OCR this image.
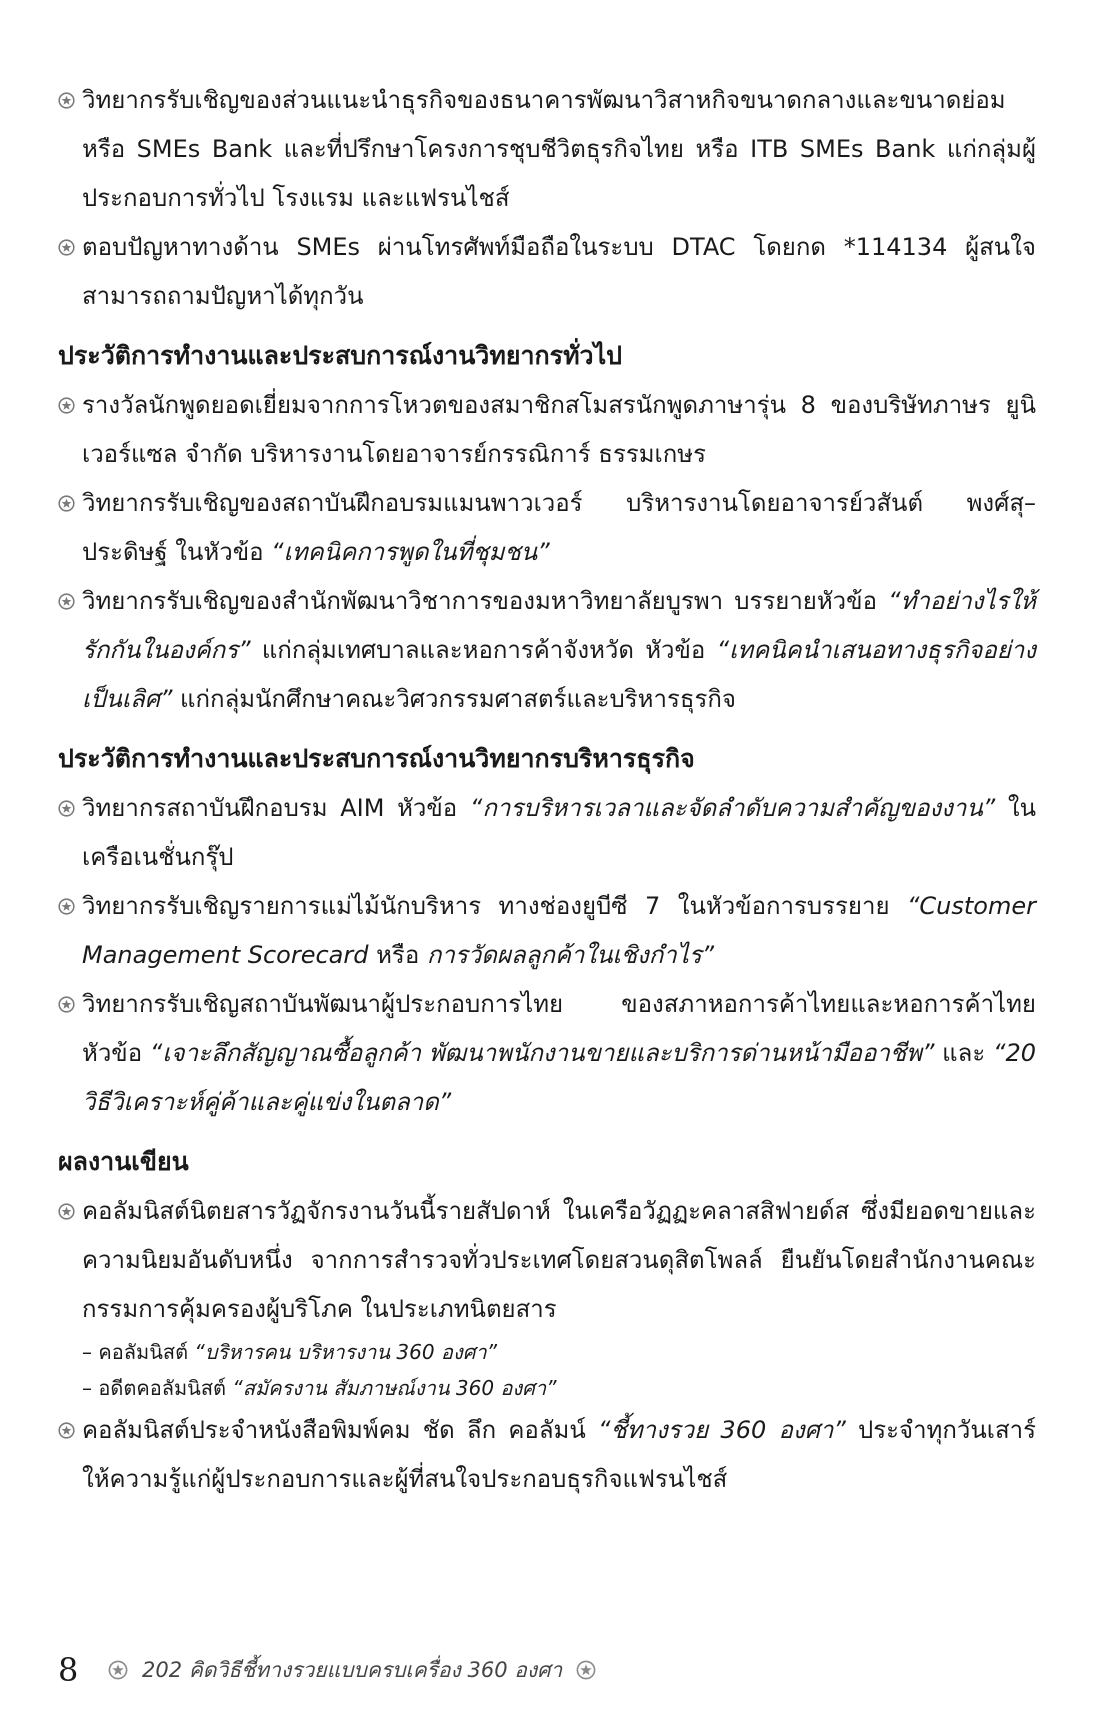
วิทยากรรับเชิญของส่วนแนะนำธุรกิจของธนาคารพัฒนาวิสาหกิจขนาดกลางและขนาดย่อม หรือ SMEs Bank และที่ปรึกษาโครงการชุบชีวิตธุรกิจไทย หรือ ITB SMEs Bank แก่กลุ่มผู้ประกอบการทั่วไป โรงแรม และแฟรนไชส์

ตอบปัญหาทางด้าน SMEs ผ่านโทรศัพท์มือถือในระบบ DTAC โดยกด *114134 ผู้สนใจสามารถถามปัญหาได้ทุกวัน

ประวัติการทำงานและประสบการณ์งานวิทยากรทั่วไป

รางวัลนักพูดยอดเยี่ยมจากการโหวตของสมาชิกสโมสรนักพูดภาษารุ่น 8 ของบริษัทภาษร ยูนิเวอร์แซล จำกัด บริหารงานโดยอาจารย์กรรณิการ์ ธรรมเกษร

วิทยากรรับเชิญของสถาบันฝึกอบรมแมนพาวเวอร์ บริหารงานโดยอาจารย์วสันต์ พงศ์สุ–ประดิษฐ์ ในหัวข้อ “เทคนิคการพูดในที่ชุมชน”

วิทยากรรับเชิญของสำนักพัฒนาวิชาการของมหาวิทยาลัยบูรพา บรรยายหัวข้อ “ทำอย่างไรให้รักกันในองค์กร” แก่กลุ่มเทศบาลและหอการค้าจังหวัด หัวข้อ “เทคนิคนำเสนอทางธุรกิจอย่างเป็นเลิศ” แก่กลุ่มนักศึกษาคณะวิศวกรรมศาสตร์และบริหารธุรกิจ

ประวัติการทำงานและประสบการณ์งานวิทยากรบริหารธุรกิจ

วิทยากรสถาบันฝึกอบรม AIM หัวข้อ “การบริหารเวลาและจัดลำดับความสำคัญของงาน” ในเครือเนชั่นกรุ๊ป

วิทยากรรับเชิญรายการแม่ไม้นักบริหาร ทางช่องยูบีซี 7 ในหัวข้อการบรรยาย “Customer Management Scorecard หรือ การวัดผลลูกค้าในเชิงกำไร”

วิทยากรรับเชิญสถาบันพัฒนาผู้ประกอบการไทย ของสภาหอการค้าไทยและหอการค้าไทย หัวข้อ “เจาะลึกสัญญาณซื้อลูกค้า พัฒนาพนักงานขายและบริการด่านหน้ามืออาชีพ” และ “20 วิธีวิเคราะห์คู่ค้าและคู่แข่งในตลาด”

ผลงานเขียน

คอลัมนิสต์นิตยสารวัฏจักรงานวันนี้รายสัปดาห์ ในเครือวัฏฏะคลาสสิฟายด์ส ซึ่งมียอดขายและความนิยมอันดับหนึ่ง จากการสำรวจทั่วประเทศโดยสวนดุสิตโพลล์ ยืนยันโดยสำนักงานคณะกรรมการคุ้มครองผู้บริโภค ในประเภทนิตยสาร

– คอลัมนิสต์ “บริหารคน บริหารงาน 360 องศา”

– อดีตคอลัมนิสต์ “สมัครงาน สัมภาษณ์งาน 360 องศา”

คอลัมนิสต์ประจำหนังสือพิมพ์คม ชัด ลึก คอลัมน์ “ชี้ทางรวย 360 องศา” ประจำทุกวันเสาร์ ให้ความรู้แก่ผู้ประกอบการและผู้ที่สนใจประกอบธุรกิจแฟรนไชส์

8	202 คิดวิธีชี้ทางรวยแบบครบเครื่อง 360 องศา
